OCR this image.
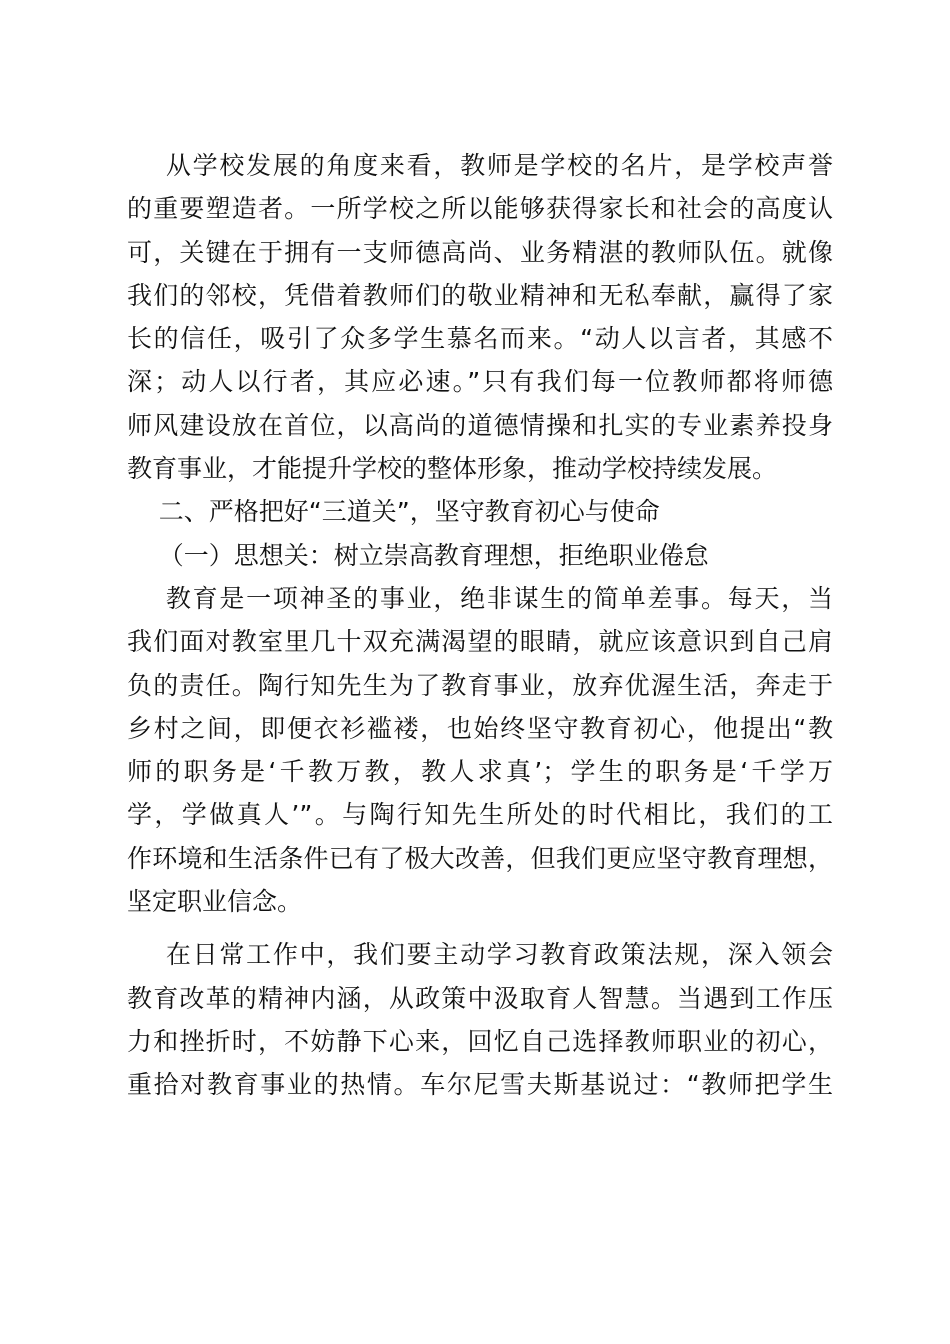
从学校发展的角度来看，教师是学校的名片，是学校声誉
的重要塑造者。一所学校之所以能够获得家长和社会的高度认
可，关键在于拥有一支师德高尚、业务精湛的教师队伍。就像
我们的邻校，凭借着教师们的敬业精神和无私奉献，赢得了家
长的信任，吸引了众多学生慕名而来。“动人以言者，其感不
深；动人以行者，其应必速。”只有我们每一位教师都将师德
师风建设放在首位，以高尚的道德情操和扎实的专业素养投身
教育事业，才能提升学校的整体形象，推动学校持续发展。
二、严格把好“三道关”，坚守教育初心与使命
（一）思想关：树立崇高教育理想，拒绝职业倦怠
教育是一项神圣的事业，绝非谋生的简单差事。每天，当
我们面对教室里几十双充满渴望的眼睛，就应该意识到自己肩
负的责任。陶行知先生为了教育事业，放弃优渥生活，奔走于
乡村之间，即便衣衫褴褛，也始终坚守教育初心，他提出“教
师的职务是‘千教万教，教人求真’；学生的职务是‘千学万
学，学做真人’”。与陶行知先生所处的时代相比，我们的工
作环境和生活条件已有了极大改善，但我们更应坚守教育理想，
坚定职业信念。
在日常工作中，我们要主动学习教育政策法规，深入领会
教育改革的精神内涵，从政策中汲取育人智慧。当遇到工作压
力和挫折时，不妨静下心来，回忆自己选择教师职业的初心，
重拾对教育事业的热情。车尔尼雪夫斯基说过：“教师把学生
